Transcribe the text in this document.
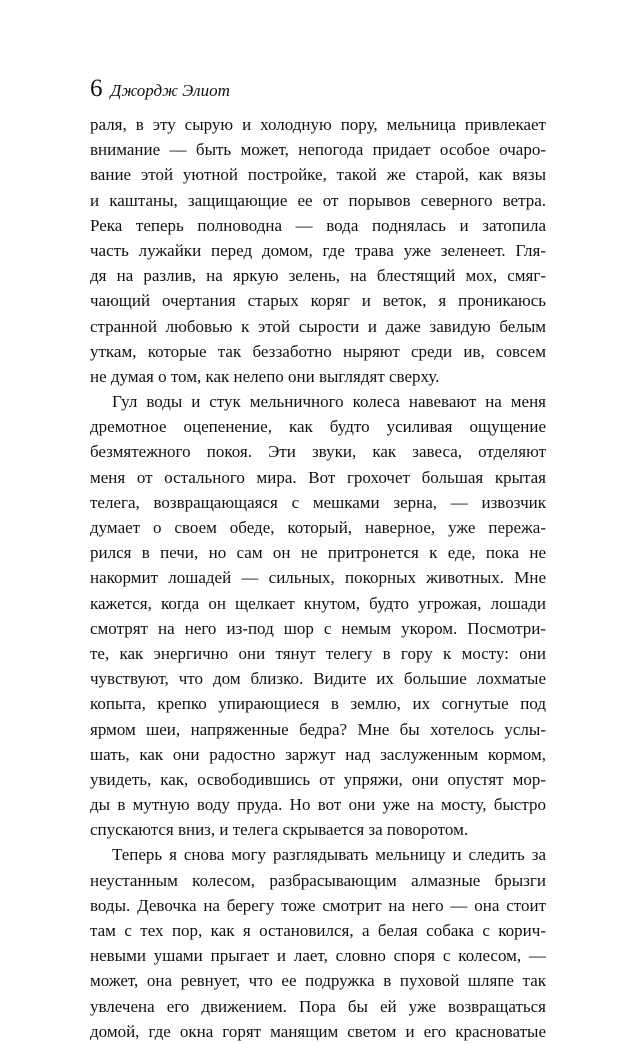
6 Джордж Элиот
раля, в эту сырую и холодную пору, мельница привлекает
внимание — быть может, непогода придает особое очаро-
вание этой уютной постройке, такой же старой, как вязы
и каштаны, защищающие ее от порывов северного ветра.
Река теперь полноводна — вода поднялась и затопила
часть лужайки перед домом, где трава уже зеленеет. Гля-
дя на разлив, на яркую зелень, на блестящий мох, смяг-
чающий очертания старых коряг и веток, я проникаюсь
странной любовью к этой сырости и даже завидую белым
уткам, которые так беззаботно ныряют среди ив, совсем
не думая о том, как нелепо они выглядят сверху.
Гул воды и стук мельничного колеса навевают на меня
дремотное оцепенение, как будто усиливая ощущение
безмятежного покоя. Эти звуки, как завеса, отделяют
меня от остального мира. Вот грохочет большая крытая
телега, возвращающаяся с мешками зерна, — извозчик
думает о своем обеде, который, наверное, уже пережа-
рился в печи, но сам он не притронется к еде, пока не
накормит лошадей — сильных, покорных животных. Мне
кажется, когда он щелкает кнутом, будто угрожая, лошади
смотрят на него из-под шор с немым укором. Посмотри-
те, как энергично они тянут телегу в гору к мосту: они
чувствуют, что дом близко. Видите их большие лохматые
копыта, крепко упирающиеся в землю, их согнутые под
ярмом шеи, напряженные бедра? Мне бы хотелось услы-
шать, как они радостно заржут над заслуженным кормом,
увидеть, как, освободившись от упряжи, они опустят мор-
ды в мутную воду пруда. Но вот они уже на мосту, быстро
спускаются вниз, и телега скрывается за поворотом.
Теперь я снова могу разглядывать мельницу и следить за
неустанным колесом, разбрасывающим алмазные брызги
воды. Девочка на берегу тоже смотрит на него — она стоит
там с тех пор, как я остановился, а белая собака с корич-
невыми ушами прыгает и лает, словно споря с колесом, —
может, она ревнует, что ее подружка в пуховой шляпе так
увлечена его движением. Пора бы ей уже возвращаться
домой, где окна горят манящим светом и его красноватые
